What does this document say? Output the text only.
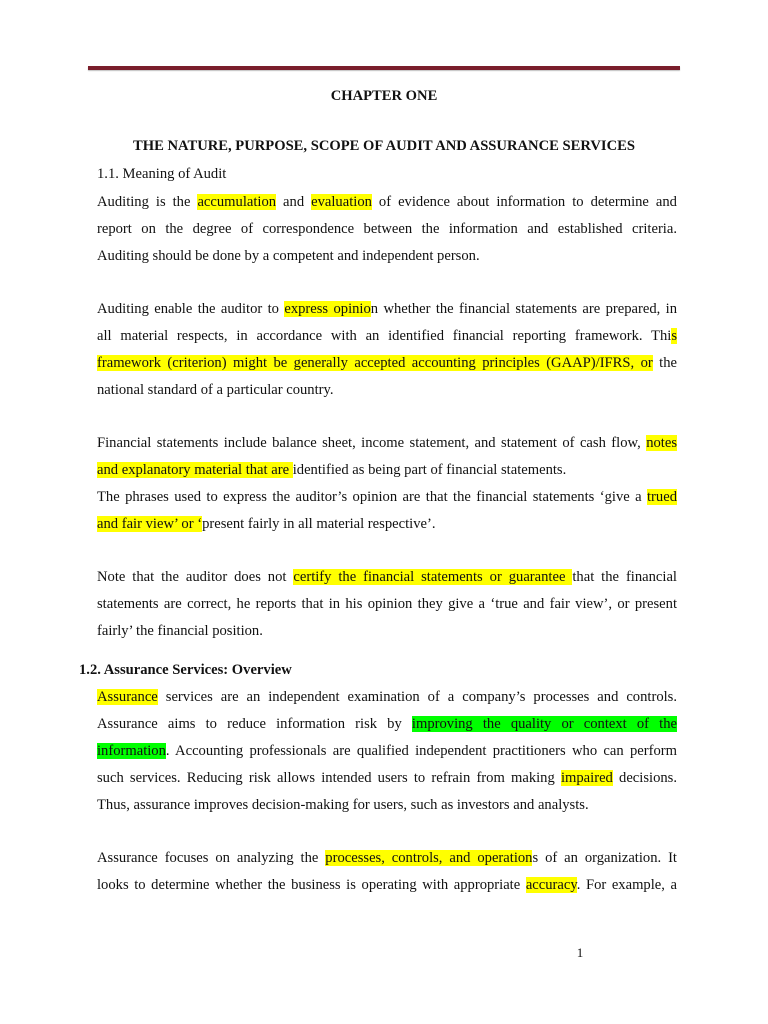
CHAPTER ONE
THE NATURE, PURPOSE, SCOPE OF AUDIT AND ASSURANCE SERVICES
1.1. Meaning of Audit
Auditing is the accumulation and evaluation of evidence about information to determine and
report on the degree of correspondence between the information and established criteria.
Auditing should be done by a competent and independent person.
Auditing enable the auditor to express opinion whether the financial statements are prepared, in
all material respects, in accordance with an identified financial reporting framework. This
framework (criterion) might be generally accepted accounting principles (GAAP)/IFRS, or the
national standard of a particular country.
Financial statements include balance sheet, income statement, and statement of cash flow, notes
and explanatory material that are identified as being part of financial statements.
The phrases used to express the auditor’s opinion are that the financial statements ‘give a trued
and fair view’ or ‘present fairly in all material respective’.
Note that the auditor does not certify the financial statements or guarantee that the financial
statements are correct, he reports that in his opinion they give a ‘true and fair view’, or present
fairly’ the financial position.
1.2. Assurance Services: Overview
Assurance services are an independent examination of a company’s processes and controls.
Assurance aims to reduce information risk by improving the quality or context of the
information. Accounting professionals are qualified independent practitioners who can perform
such services. Reducing risk allows intended users to refrain from making impaired decisions.
Thus, assurance improves decision-making for users, such as investors and analysts.
Assurance focuses on analyzing the processes, controls, and operations of an organization. It
looks to determine whether the business is operating with appropriate accuracy. For example, a
1
